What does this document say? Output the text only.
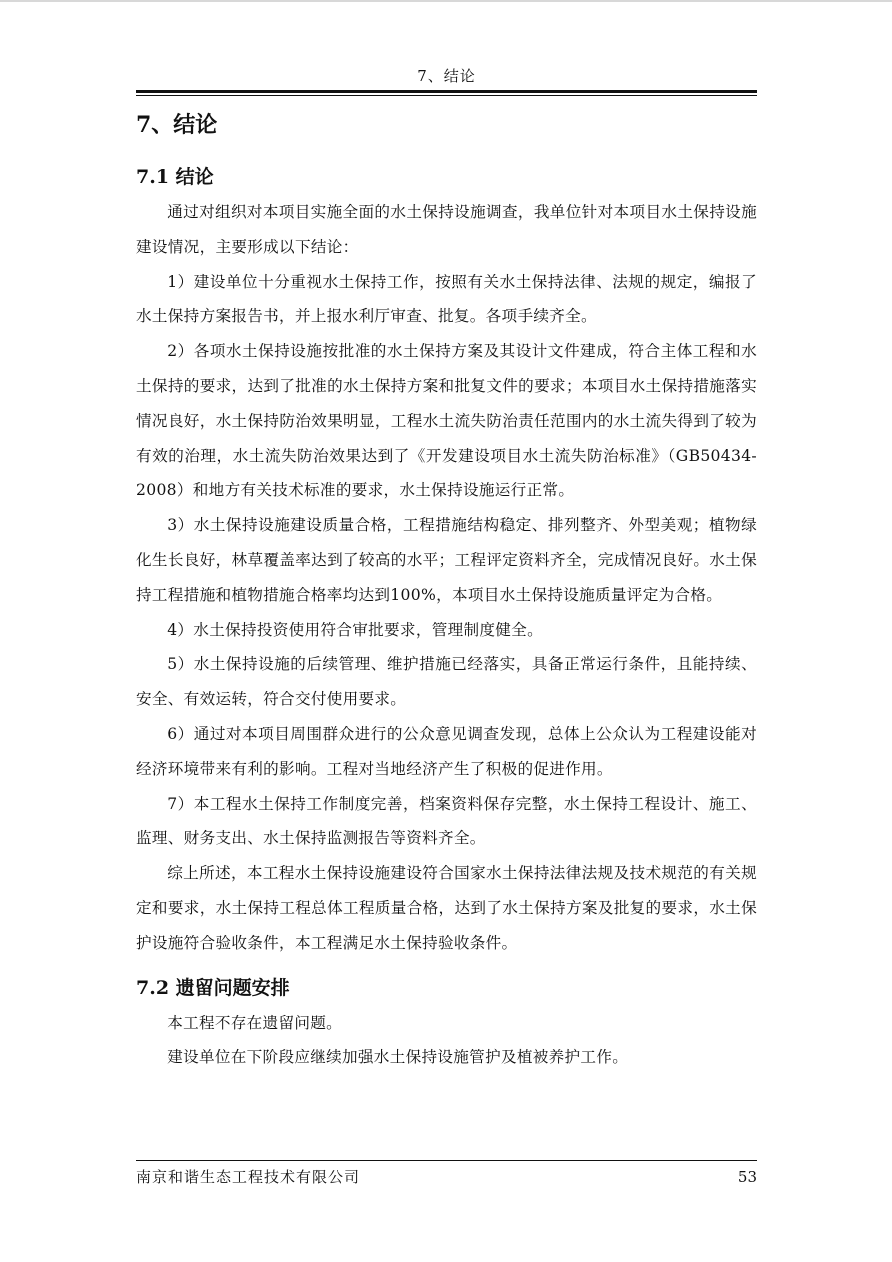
7、结论
7、结论
7.1 结论

通过对组织对本项目实施全面的水土保持设施调查，我单位针对本项目水土保持设施建设情况，主要形成以下结论：

1）建设单位十分重视水土保持工作，按照有关水土保持法律、法规的规定，编报了水土保持方案报告书，并上报水利厅审查、批复。各项手续齐全。

2）各项水土保持设施按批准的水土保持方案及其设计文件建成，符合主体工程和水土保持的要求，达到了批准的水土保持方案和批复文件的要求；本项目水土保持措施落实情况良好，水土保持防治效果明显，工程水土流失防治责任范围内的水土流失得到了较为有效的治理，水土流失防治效果达到了《开发建设项目水土流失防治标准》（GB50434-2008）和地方有关技术标准的要求，水土保持设施运行正常。

3）水土保持设施建设质量合格，工程措施结构稳定、排列整齐、外型美观；植物绿化生长良好，林草覆盖率达到了较高的水平；工程评定资料齐全，完成情况良好。水土保持工程措施和植物措施合格率均达到100%，本项目水土保持设施质量评定为合格。

4）水土保持投资使用符合审批要求，管理制度健全。

5）水土保持设施的后续管理、维护措施已经落实，具备正常运行条件，且能持续、安全、有效运转，符合交付使用要求。

6）通过对本项目周围群众进行的公众意见调查发现，总体上公众认为工程建设能对经济环境带来有利的影响。工程对当地经济产生了积极的促进作用。

7）本工程水土保持工作制度完善，档案资料保存完整，水土保持工程设计、施工、监理、财务支出、水土保持监测报告等资料齐全。

综上所述，本工程水土保持设施建设符合国家水土保持法律法规及技术规范的有关规定和要求，水土保持工程总体工程质量合格，达到了水土保持方案及批复的要求，水土保护设施符合验收条件，本工程满足水土保持验收条件。

7.2 遗留问题安排

本工程不存在遗留问题。

建设单位在下阶段应继续加强水土保持设施管护及植被养护工作。

南京和谐生态工程技术有限公司	53
